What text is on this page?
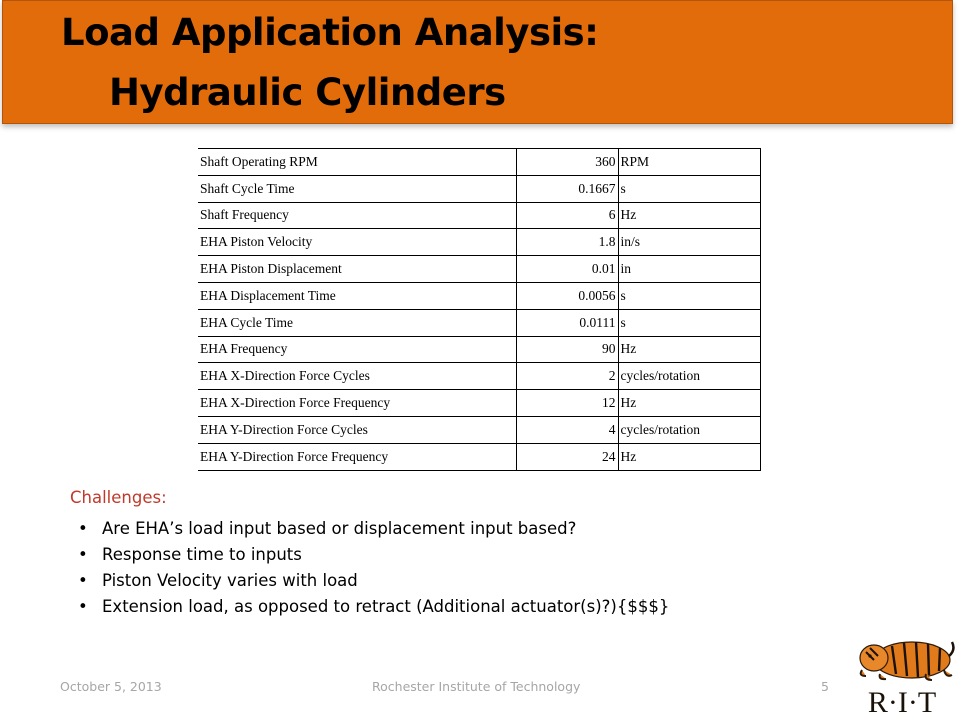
Load Application Analysis:
Hydraulic Cylinders
Shaft Operating RPM	360	RPM
Shaft Cycle Time	0.1667	s
Shaft Frequency	6	Hz
EHA Piston Velocity	1.8	in/s
EHA Piston Displacement	0.01	in
EHA Displacement Time	0.0056	s
EHA Cycle Time	0.0111	s
EHA Frequency	90	Hz
EHA X-Direction Force Cycles	2	cycles/rotation
EHA X-Direction Force Frequency	12	Hz
EHA Y-Direction Force Cycles	4	cycles/rotation
EHA Y-Direction Force Frequency	24	Hz
Challenges:
• Are EHA’s load input based or displacement input based?
• Response time to inputs
• Piston Velocity varies with load
• Extension load, as opposed to retract (Additional actuator(s)?){$$$}
October 5, 2013	Rochester Institute of Technology	5 R·I·T
